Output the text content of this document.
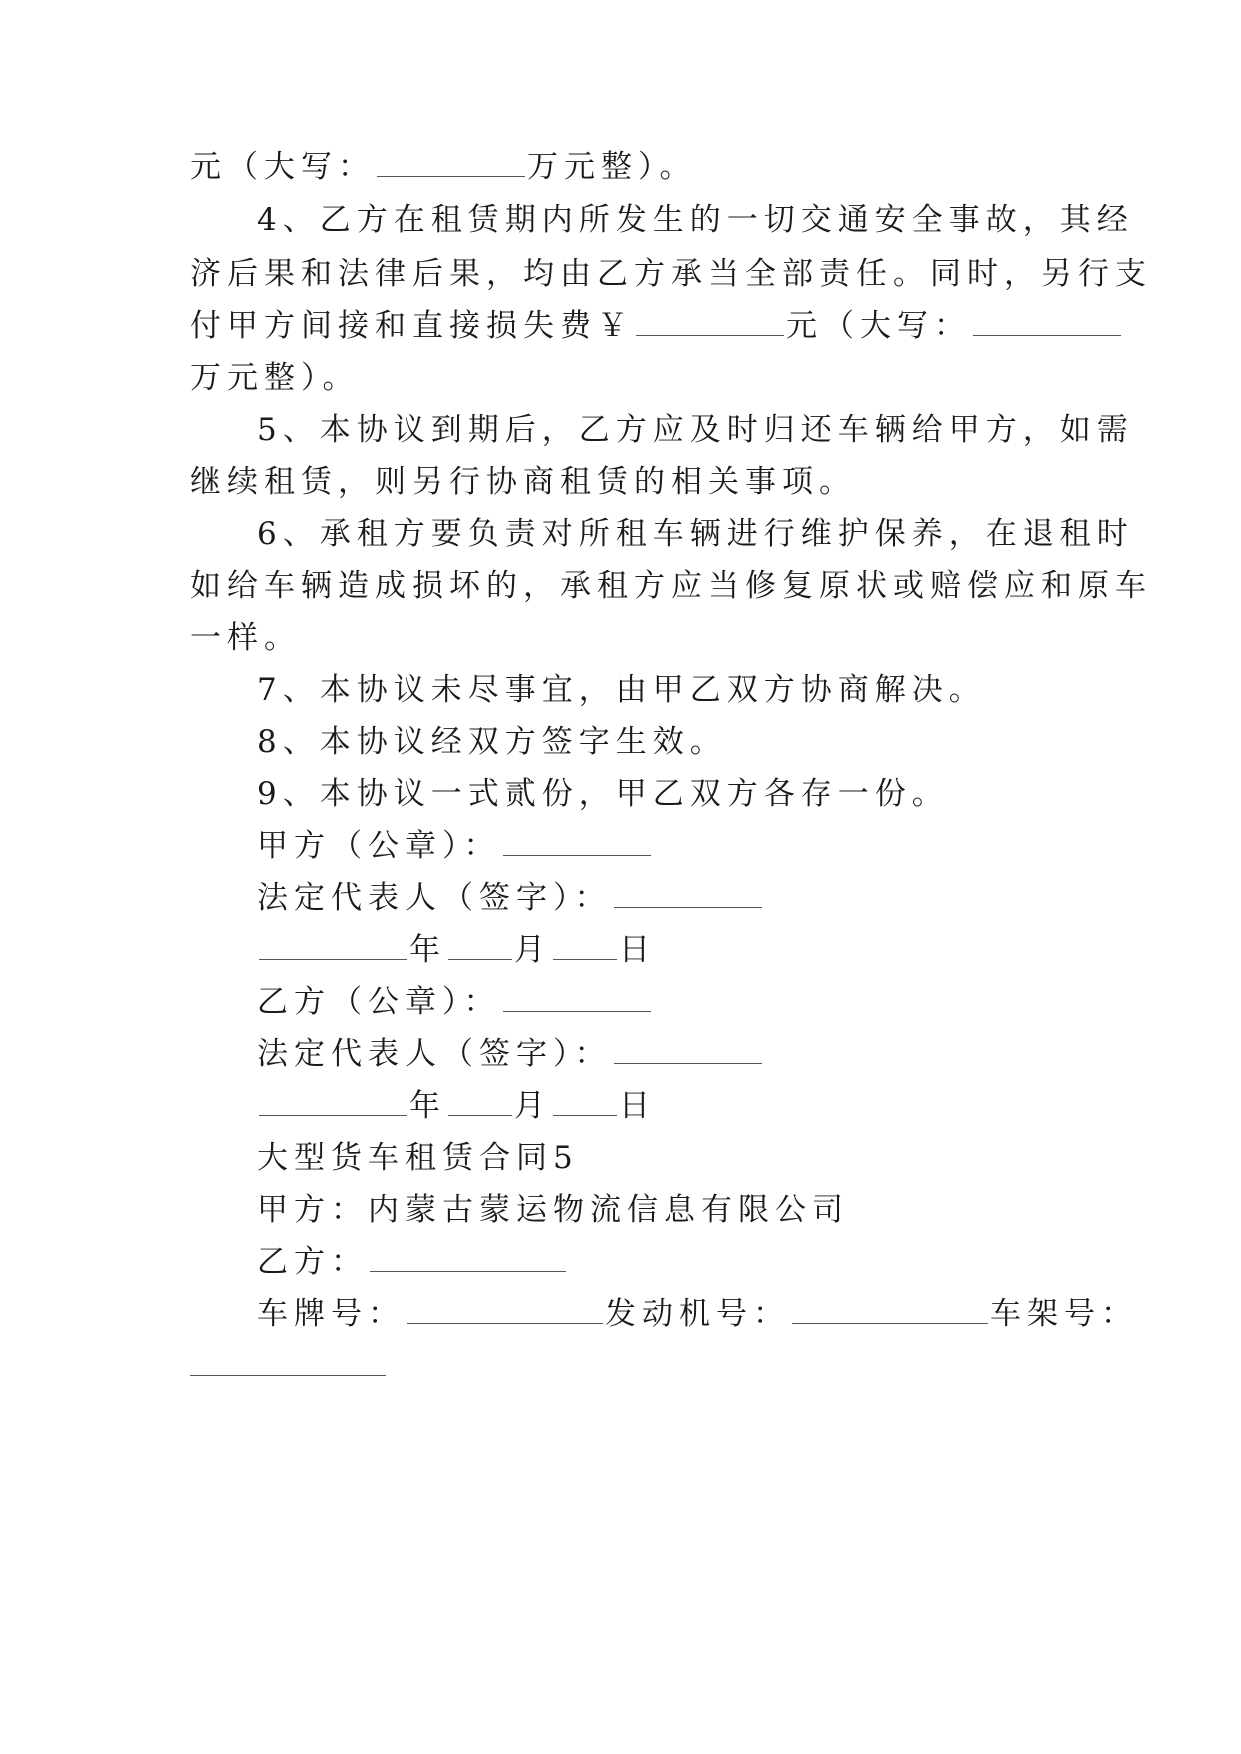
元（大写：	万元整）。
4、乙方在租赁期内所发生的一切交通安全事故，其经
济后果和法律后果，均由乙方承当全部责任。同时，另行支
付甲方间接和直接损失费￥	元（大写：
万元整）。
5、本协议到期后，乙方应及时归还车辆给甲方，如需
继续租赁，则另行协商租赁的相关事项。
6、承租方要负责对所租车辆进行维护保养，在退租时
如给车辆造成损坏的，承租方应当修复原状或赔偿应和原车
一样。
7、本协议未尽事宜，由甲乙双方协商解决。
8、本协议经双方签字生效。
9、本协议一式贰份，甲乙双方各存一份。
甲方（公章）：
法定代表人（签字）：
年 月 日
乙方（公章）：
法定代表人（签字）：
年 月 日
大型货车租赁合同5
甲方：内蒙古蒙运物流信息有限公司
乙方：
车牌号：	发动机号：	车架号：
